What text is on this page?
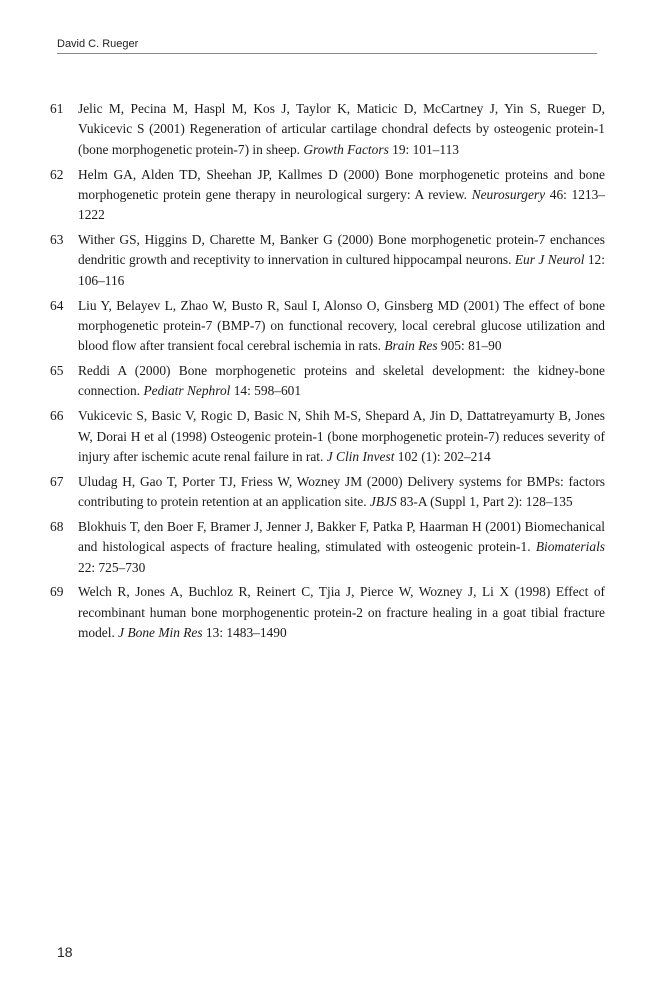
David C. Rueger
61	Jelic M, Pecina M, Haspl M, Kos J, Taylor K, Maticic D, McCartney J, Yin S, Rueger D, Vukicevic S (2001) Regeneration of articular cartilage chondral defects by osteogenic protein-1 (bone morphogenetic protein-7) in sheep. Growth Factors 19: 101–113
62	Helm GA, Alden TD, Sheehan JP, Kallmes D (2000) Bone morphogenetic proteins and bone morphogenetic protein gene therapy in neurological surgery: A review. Neurosurgery 46: 1213–1222
63	Wither GS, Higgins D, Charette M, Banker G (2000) Bone morphogenetic protein-7 enchances dendritic growth and receptivity to innervation in cultured hippocampal neurons. Eur J Neurol 12: 106–116
64	Liu Y, Belayev L, Zhao W, Busto R, Saul I, Alonso O, Ginsberg MD (2001) The effect of bone morphogenetic protein-7 (BMP-7) on functional recovery, local cerebral glucose utilization and blood flow after transient focal cerebral ischemia in rats. Brain Res 905: 81–90
65	Reddi A (2000) Bone morphogenetic proteins and skeletal development: the kidney-bone connection. Pediatr Nephrol 14: 598–601
66	Vukicevic S, Basic V, Rogic D, Basic N, Shih M-S, Shepard A, Jin D, Dattatreyamurty B, Jones W, Dorai H et al (1998) Osteogenic protein-1 (bone morphogenetic protein-7) reduces severity of injury after ischemic acute renal failure in rat. J Clin Invest 102 (1): 202–214
67	Uludag H, Gao T, Porter TJ, Friess W, Wozney JM (2000) Delivery systems for BMPs: factors contributing to protein retention at an application site. JBJS 83-A (Suppl 1, Part 2): 128–135
68	Blokhuis T, den Boer F, Bramer J, Jenner J, Bakker F, Patka P, Haarman H (2001) Biomechanical and histological aspects of fracture healing, stimulated with osteogenic protein-1. Biomaterials 22: 725–730
69	Welch R, Jones A, Buchloz R, Reinert C, Tjia J, Pierce W, Wozney J, Li X (1998) Effect of recombinant human bone morphogenentic protein-2 on fracture healing in a goat tibial fracture model. J Bone Min Res 13: 1483–1490
18
